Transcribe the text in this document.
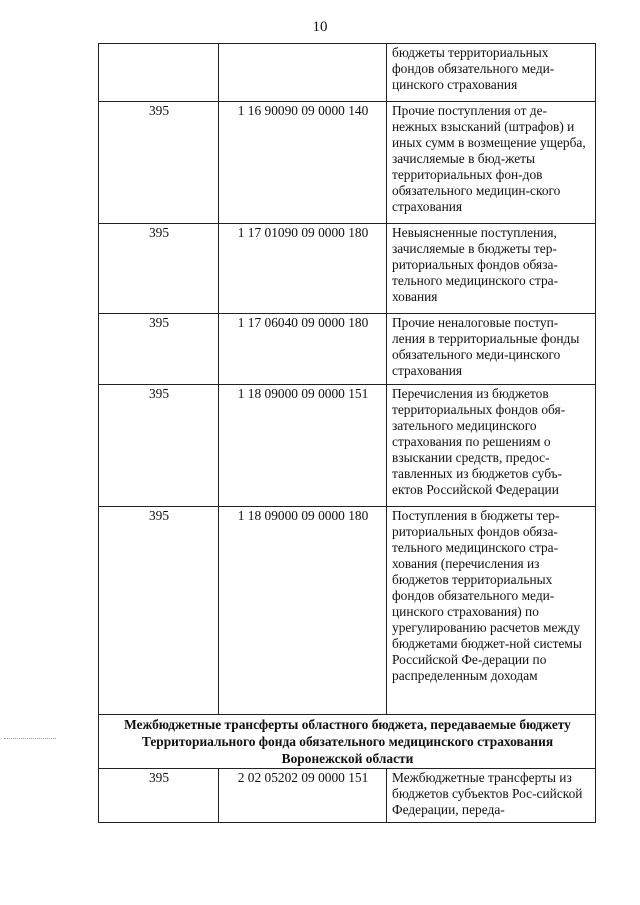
10
		бюджеты территориальных фондов обязательного меди-цинского страхования
395	1 16 90090 09 0000 140	Прочие поступления от де-нежных взысканий (штрафов) и иных сумм в возмещение ущерба, зачисляемые в бюд-жеты территориальных фон-дов обязательного медицин-ского страхования
395	1 17 01090 09 0000 180	Невыясненные поступления, зачисляемые в бюджеты тер-риториальных фондов обяза-тельного медицинского стра-хования
395	1 17 06040 09 0000 180	Прочие неналоговые поступ-ления в территориальные фонды обязательного меди-цинского страхования
395	1 18 09000 09 0000 151	Перечисления из бюджетов территориальных фондов обя-зательного медицинского страхования по решениям о взыскании средств, предос-тавленных из бюджетов субъ-ектов Российской Федерации
395	1 18 09000 09 0000 180	Поступления в бюджеты тер-риториальных фондов обяза-тельного медицинского стра-хования (перечисления из бюджетов территориальных фондов обязательного меди-цинского страхования) по урегулированию расчетов между бюджетами бюджет-ной системы Российской Фе-дерации по распределенным доходам
Межбюджетные трансферты областного бюджета, передаваемые бюджету Территориального фонда обязательного медицинского страхования Воронежской области		
395	2 02 05202 09 0000 151	Межбюджетные трансферты из бюджетов субъектов Рос-сийской Федерации, переда-
